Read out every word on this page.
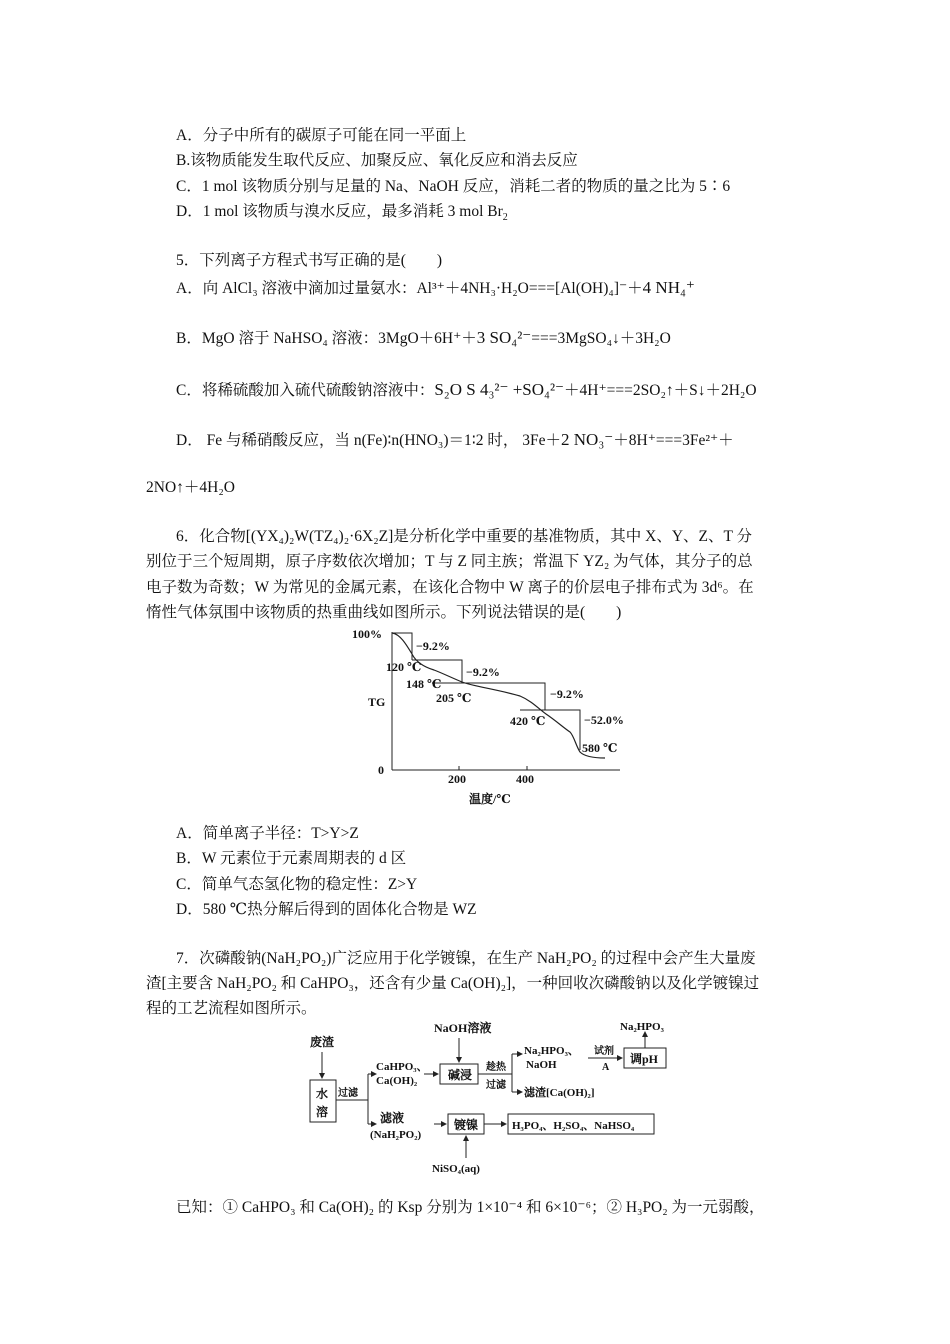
A．分子中所有的碳原子可能在同一平面上
B.该物质能发生取代反应、加聚反应、氧化反应和消去反应
C．1 mol 该物质分别与足量的 Na、NaOH 反应，消耗二者的物质的量之比为 5∶6
D．1 mol 该物质与溴水反应，最多消耗 3 mol $Br_2$
5．下列离子方程式书写正确的是(　　)
A．向 AlCl₃ 溶液中滴加过量氨水：Al³⁺＋4NH₃·H₂O===[Al(OH)₄]⁻＋4 NH₄⁺
B．MgO 溶于 NaHSO₄ 溶液：3MgO＋6H⁺＋3 SO₄²⁻===3MgSO₄↓＋3H₂O
C．将稀硫酸加入硫代硫酸钠溶液中：S₂O S 4₃²⁻ +SO₄²⁻＋4H⁺===2SO₂↑＋S↓＋2H₂O
D． Fe 与稀硝酸反应，当 n(Fe)∶n(HNO₃)＝1∶2 时， 3Fe＋2 NO₃⁻＋8H⁺===3Fe²⁺＋
2NO↑＋4H₂O
6．化合物[(YX₄)₂W(TZ₄)₂·6X₂Z]是分析化学中重要的基准物质，其中 X、Y、Z、T 分
别位于三个短周期，原子序数依次增加；T 与 Z 同主族；常温下 YZ₂ 为气体，其分子的总
电子数为奇数；W 为常见的金属元素，在该化合物中 W 离子的价层电子排布式为 3d⁶。在
惰性气体氛围中该物质的热重曲线如图所示。下列说法错误的是(　　)
100%
0
TG
200	400
温度/℃
−9.2%
120 ℃	−9.2%
148 ℃
205 ℃	−9.2%
420 ℃	−52.0%
580 ℃
A．简单离子半径：T>Y>Z
B．W 元素位于元素周期表的 d 区
C．简单气态氢化物的稳定性：Z>Y
D．580 ℃热分解后得到的固体化合物是 WZ
7．次磷酸钠(NaH₂PO₂)广泛应用于化学镀镍，在生产 NaH₂PO₂ 的过程中会产生大量废
渣[主要含 NaH₂PO₂ 和 CaHPO₃，还含有少量 Ca(OH)₂]，一种回收次磷酸钠以及化学镀镍过
程的工艺流程如图所示。
废渣
水
溶
过滤
CaHPO₃、
Ca(OH)₂
NaOH溶液
碱浸
趁热
过滤
Na₂HPO₃、
NaOH
试剂
A
调pH
Na₂HPO₃
滤渣[Ca(OH)₂]
滤液
(NaH₂PO₂)
镀镍	H₃PO₄、H₂SO₄、NaHSO₄
NiSO₄(aq)
已知：① CaHPO₃ 和 Ca(OH)₂ 的 Ksp 分别为 1×10⁻⁴ 和 6×10⁻⁶；② H₃PO₂ 为一元弱酸，
